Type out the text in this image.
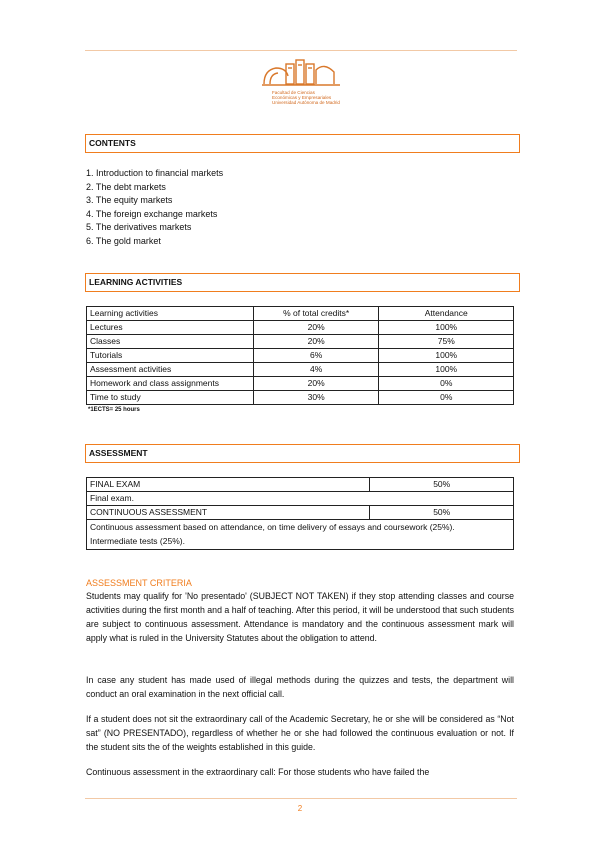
Facultad de Ciencias
Económicas y Empresariales
Universidad Autónoma de Madrid
CONTENTS
1. Introduction to financial markets
2. The debt markets
3. The equity markets
4. The foreign exchange markets
5. The derivatives markets
6. The gold market
LEARNING ACTIVITIES
Learning activities	% of total credits*	Attendance
Lectures	20%	100%
Classes	20%	75%
Tutorials	6%	100%
Assessment activities	4%	100%
Homework and class assignments	20%	0%
Time to study	30%	0%
*1ECTS= 25 hours
ASSESSMENT
FINAL EXAM	50%
Final exam.	
CONTINUOUS ASSESSMENT	50%

Continuous assessment based on attendance, on time delivery of essays and coursework (25%).
Intermediate tests (25%).	
ASSESSMENT CRITERIA

Students may qualify for 'No presentado' (SUBJECT NOT TAKEN) if they stop attending classes and course activities during the first month and a half of teaching. After this period, it will be understood that such students are subject to continuous assessment. Attendance is mandatory and the continuous assessment mark will apply what is ruled in the University Statutes about the obligation to attend.

In case any student has made used of illegal methods during the quizzes and tests, the department will conduct an oral examination in the next official call.

If a student does not sit the extraordinary call of the Academic Secretary, he or she will be considered as “Not sat” (NO PRESENTADO), regardless of whether he or she had followed the continuous evaluation or not. If the student sits the of the weights established in this guide.

Continuous assessment in the extraordinary call: For those students who have failed the

2
